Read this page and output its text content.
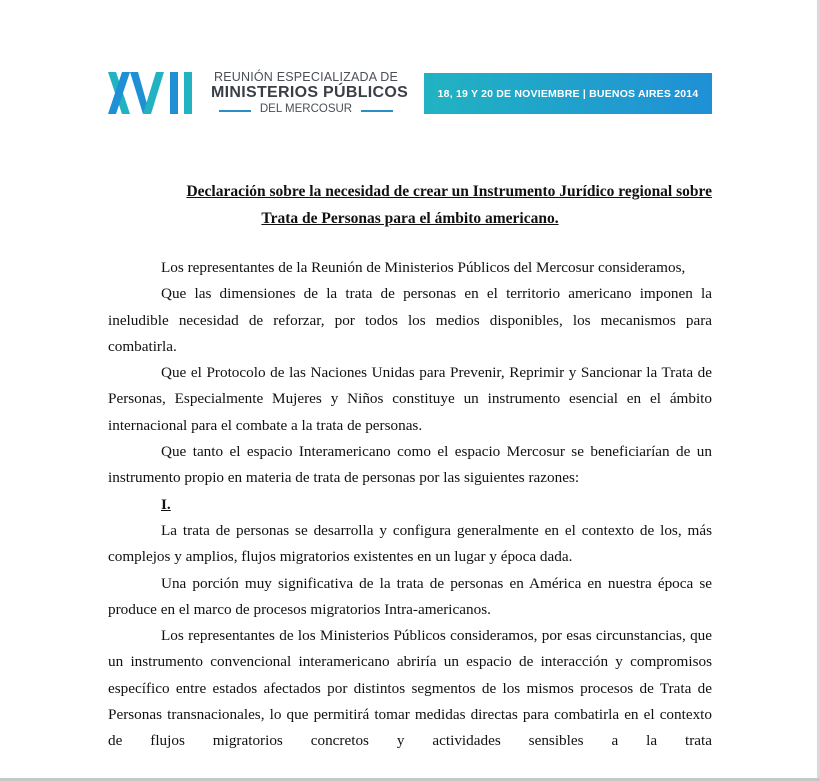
REUNIÓN ESPECIALIZADA DE
MINISTERIOS PÚBLICOS
DEL MERCOSUR
18, 19 Y 20 DE NOVIEMBRE | BUENOS AIRES 2014
Declaración sobre la necesidad de crear un Instrumento Jurídico regional sobre
Trata de Personas para el ámbito americano.

Los representantes de la Reunión de Ministerios Públicos del Mercosur consideramos,

Que las dimensiones de la trata de personas en el territorio americano imponen la ineludible necesidad de reforzar, por todos los medios disponibles, los mecanismos para combatirla.

Que el Protocolo de las Naciones Unidas para Prevenir, Reprimir y Sancionar la Trata de Personas, Especialmente Mujeres y Niños constituye un instrumento esencial en el ámbito internacional para el combate a la trata de personas.

Que tanto el espacio Interamericano como el espacio Mercosur se beneficiarían de un instrumento propio en materia de trata de personas por las siguientes razones:

I.

La trata de personas se desarrolla y configura generalmente en el contexto de los, más complejos y amplios, flujos migratorios existentes en un lugar y época dada.

Una porción muy significativa de la trata de personas en América en nuestra época se produce en el marco de procesos migratorios Intra-americanos.

Los representantes de los Ministerios Públicos consideramos, por esas circunstancias, que un instrumento convencional interamericano abriría un espacio de interacción y compromisos específico entre estados afectados por distintos segmentos de los mismos procesos de Trata de Personas transnacionales, lo que permitirá tomar medidas directas para combatirla en el contexto de flujos migratorios concretos y actividades sensibles a la trata
